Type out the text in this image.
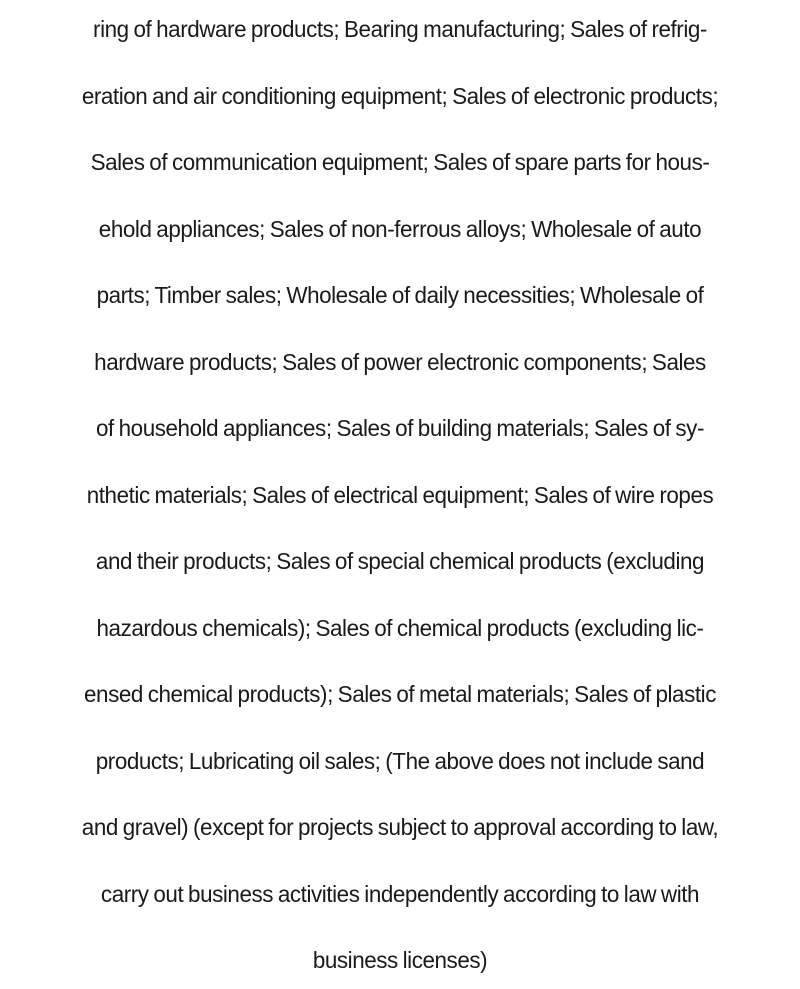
ring of hardware products; Bearing manufacturing; Sales of refrig-
eration and air conditioning equipment; Sales of electronic products;
Sales of communication equipment; Sales of spare parts for hous-
ehold appliances; Sales of non-ferrous alloys; Wholesale of auto
parts; Timber sales; Wholesale of daily necessities; Wholesale of
hardware products; Sales of power electronic components; Sales
of household appliances; Sales of building materials; Sales of sy-
nthetic materials; Sales of electrical equipment; Sales of wire ropes
and their products; Sales of special chemical products (excluding
hazardous chemicals); Sales of chemical products (excluding lic-
ensed chemical products); Sales of metal materials; Sales of plastic
products; Lubricating oil sales; (The above does not include sand
and gravel) (except for projects subject to approval according to law,
carry out business activities independently according to law with
business licenses)
